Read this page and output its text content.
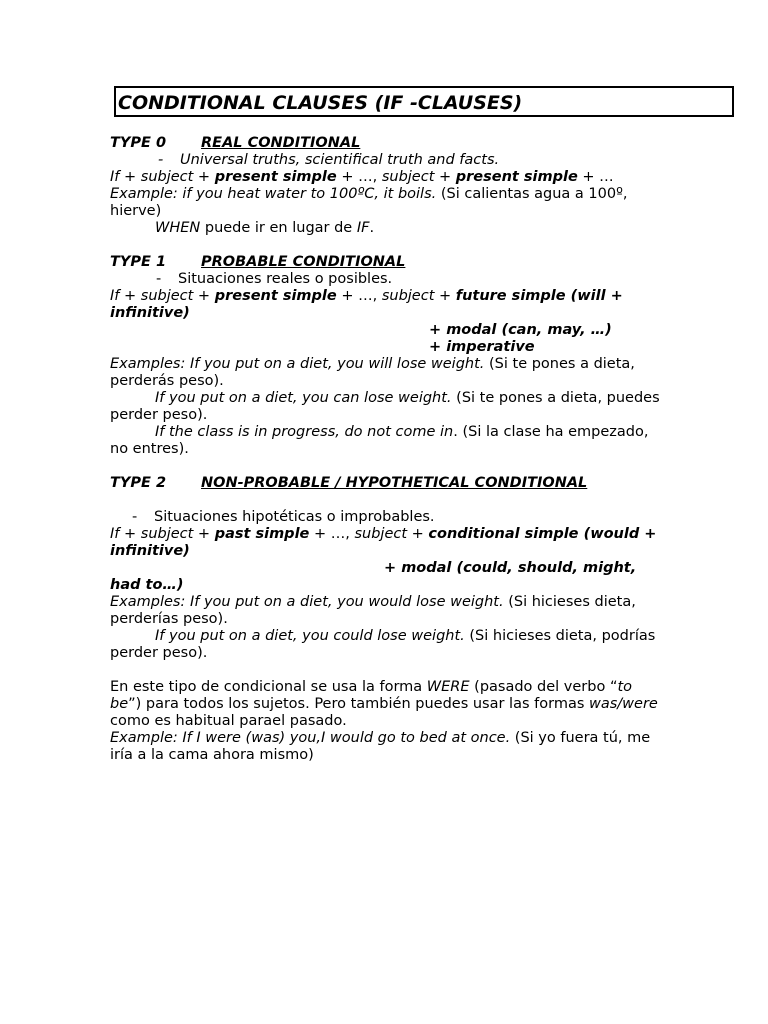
CONDITIONAL CLAUSES (IF -CLAUSES)

TYPE 0 REAL CONDITIONAL

- Universal truths, scientifical truth and facts.

If + subject + present simple + …, subject + present simple + …

Example: if you heat water to 100ºC, it boils. (Si calientas agua a 100º, hierve)

WHEN puede ir en lugar de IF.

TYPE 1 PROBABLE CONDITIONAL

- Situaciones reales o posibles.

If + subject + present simple + …, subject + future simple (will + infinitive)

+ modal (can, may, …)

+ imperative

Examples: If you put on a diet, you will lose weight. (Si te pones a dieta, perderás peso).

If you put on a diet, you can lose weight. (Si te pones a dieta, puedes perder peso).

If the class is in progress, do not come in. (Si la clase ha empezado, no entres).

TYPE 2 NON-PROBABLE / HYPOTHETICAL CONDITIONAL

- Situaciones hipotéticas o improbables.

If + subject + past simple + …, subject + conditional simple (would + infinitive)

+ modal (could, should, might,

had to…)

Examples: If you put on a diet, you would lose weight. (Si hicieses dieta, perderías peso).

If you put on a diet, you could lose weight. (Si hicieses dieta, podrías perder peso).

En este tipo de condicional se usa la forma WERE (pasado del verbo “to be”) para todos los sujetos. Pero también puedes usar las formas was/were como es habitual parael pasado.

Example: If I were (was) you,I would go to bed at once. (Si yo fuera tú, me iría a la cama ahora mismo)
